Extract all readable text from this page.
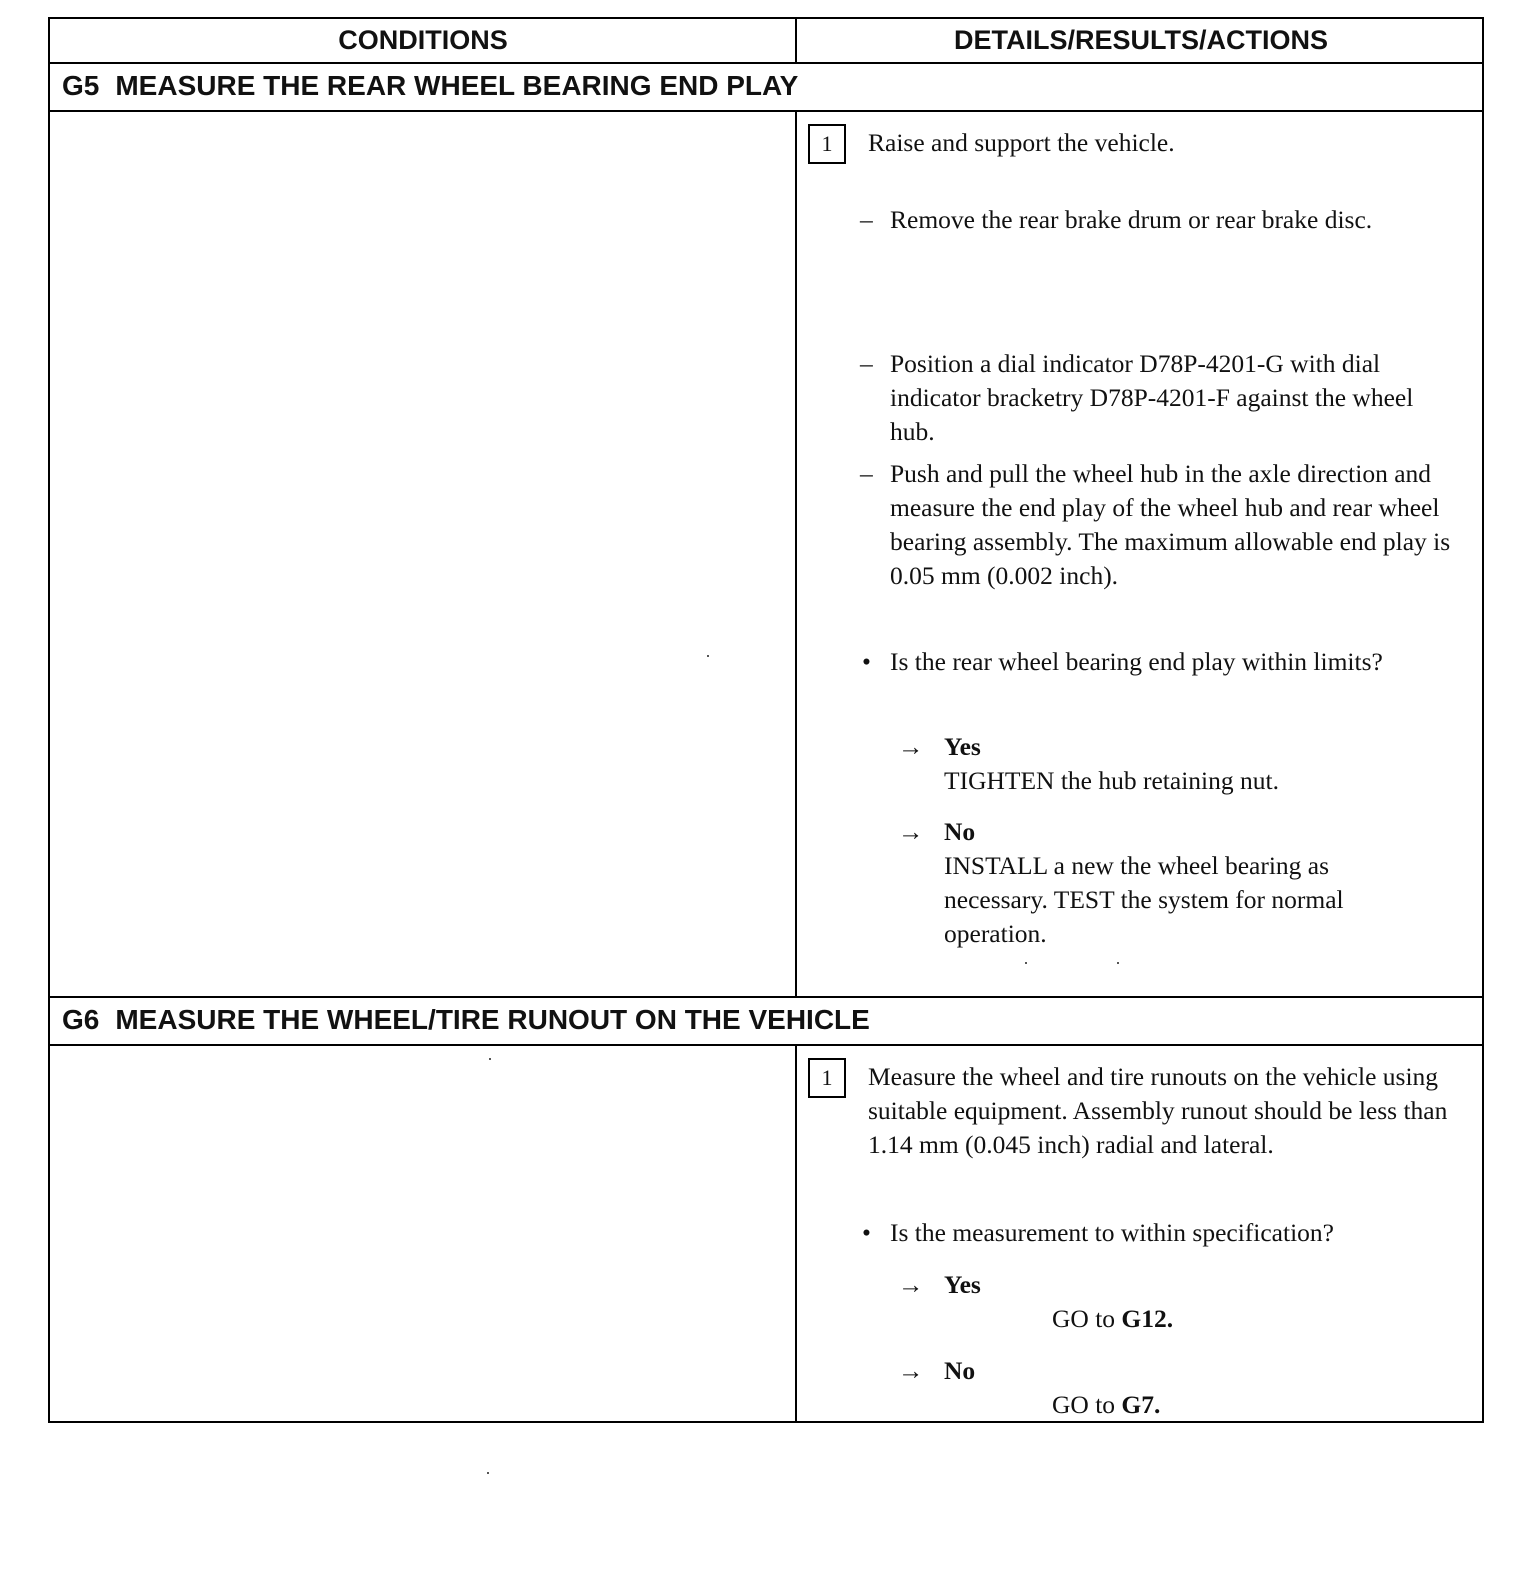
CONDITIONS	DETAILS/RESULTS/ACTIONS
G5 MEASURE THE REAR WHEEL BEARING END PLAY
1	Raise and support the vehicle.
– Remove the rear brake drum or rear brake disc.
– Position a dial indicator D78P-4201-G with dial indicator bracketry D78P-4201-F against the wheel hub.
– Push and pull the wheel hub in the axle direction and measure the end play of the wheel hub and rear wheel bearing assembly. The maximum allowable end play is 0.05 mm (0.002 inch).
• Is the rear wheel bearing end play within limits?
→ Yes
TIGHTEN the hub retaining nut.
→ No
INSTALL a new the wheel bearing as necessary. TEST the system for normal operation.
G6 MEASURE THE WHEEL/TIRE RUNOUT ON THE VEHICLE
1	Measure the wheel and tire runouts on the vehicle using suitable equipment. Assembly runout should be less than 1.14 mm (0.045 inch) radial and lateral.
• Is the measurement to within specification?
→ Yes
GO to G12.
→ No
GO to G7.
